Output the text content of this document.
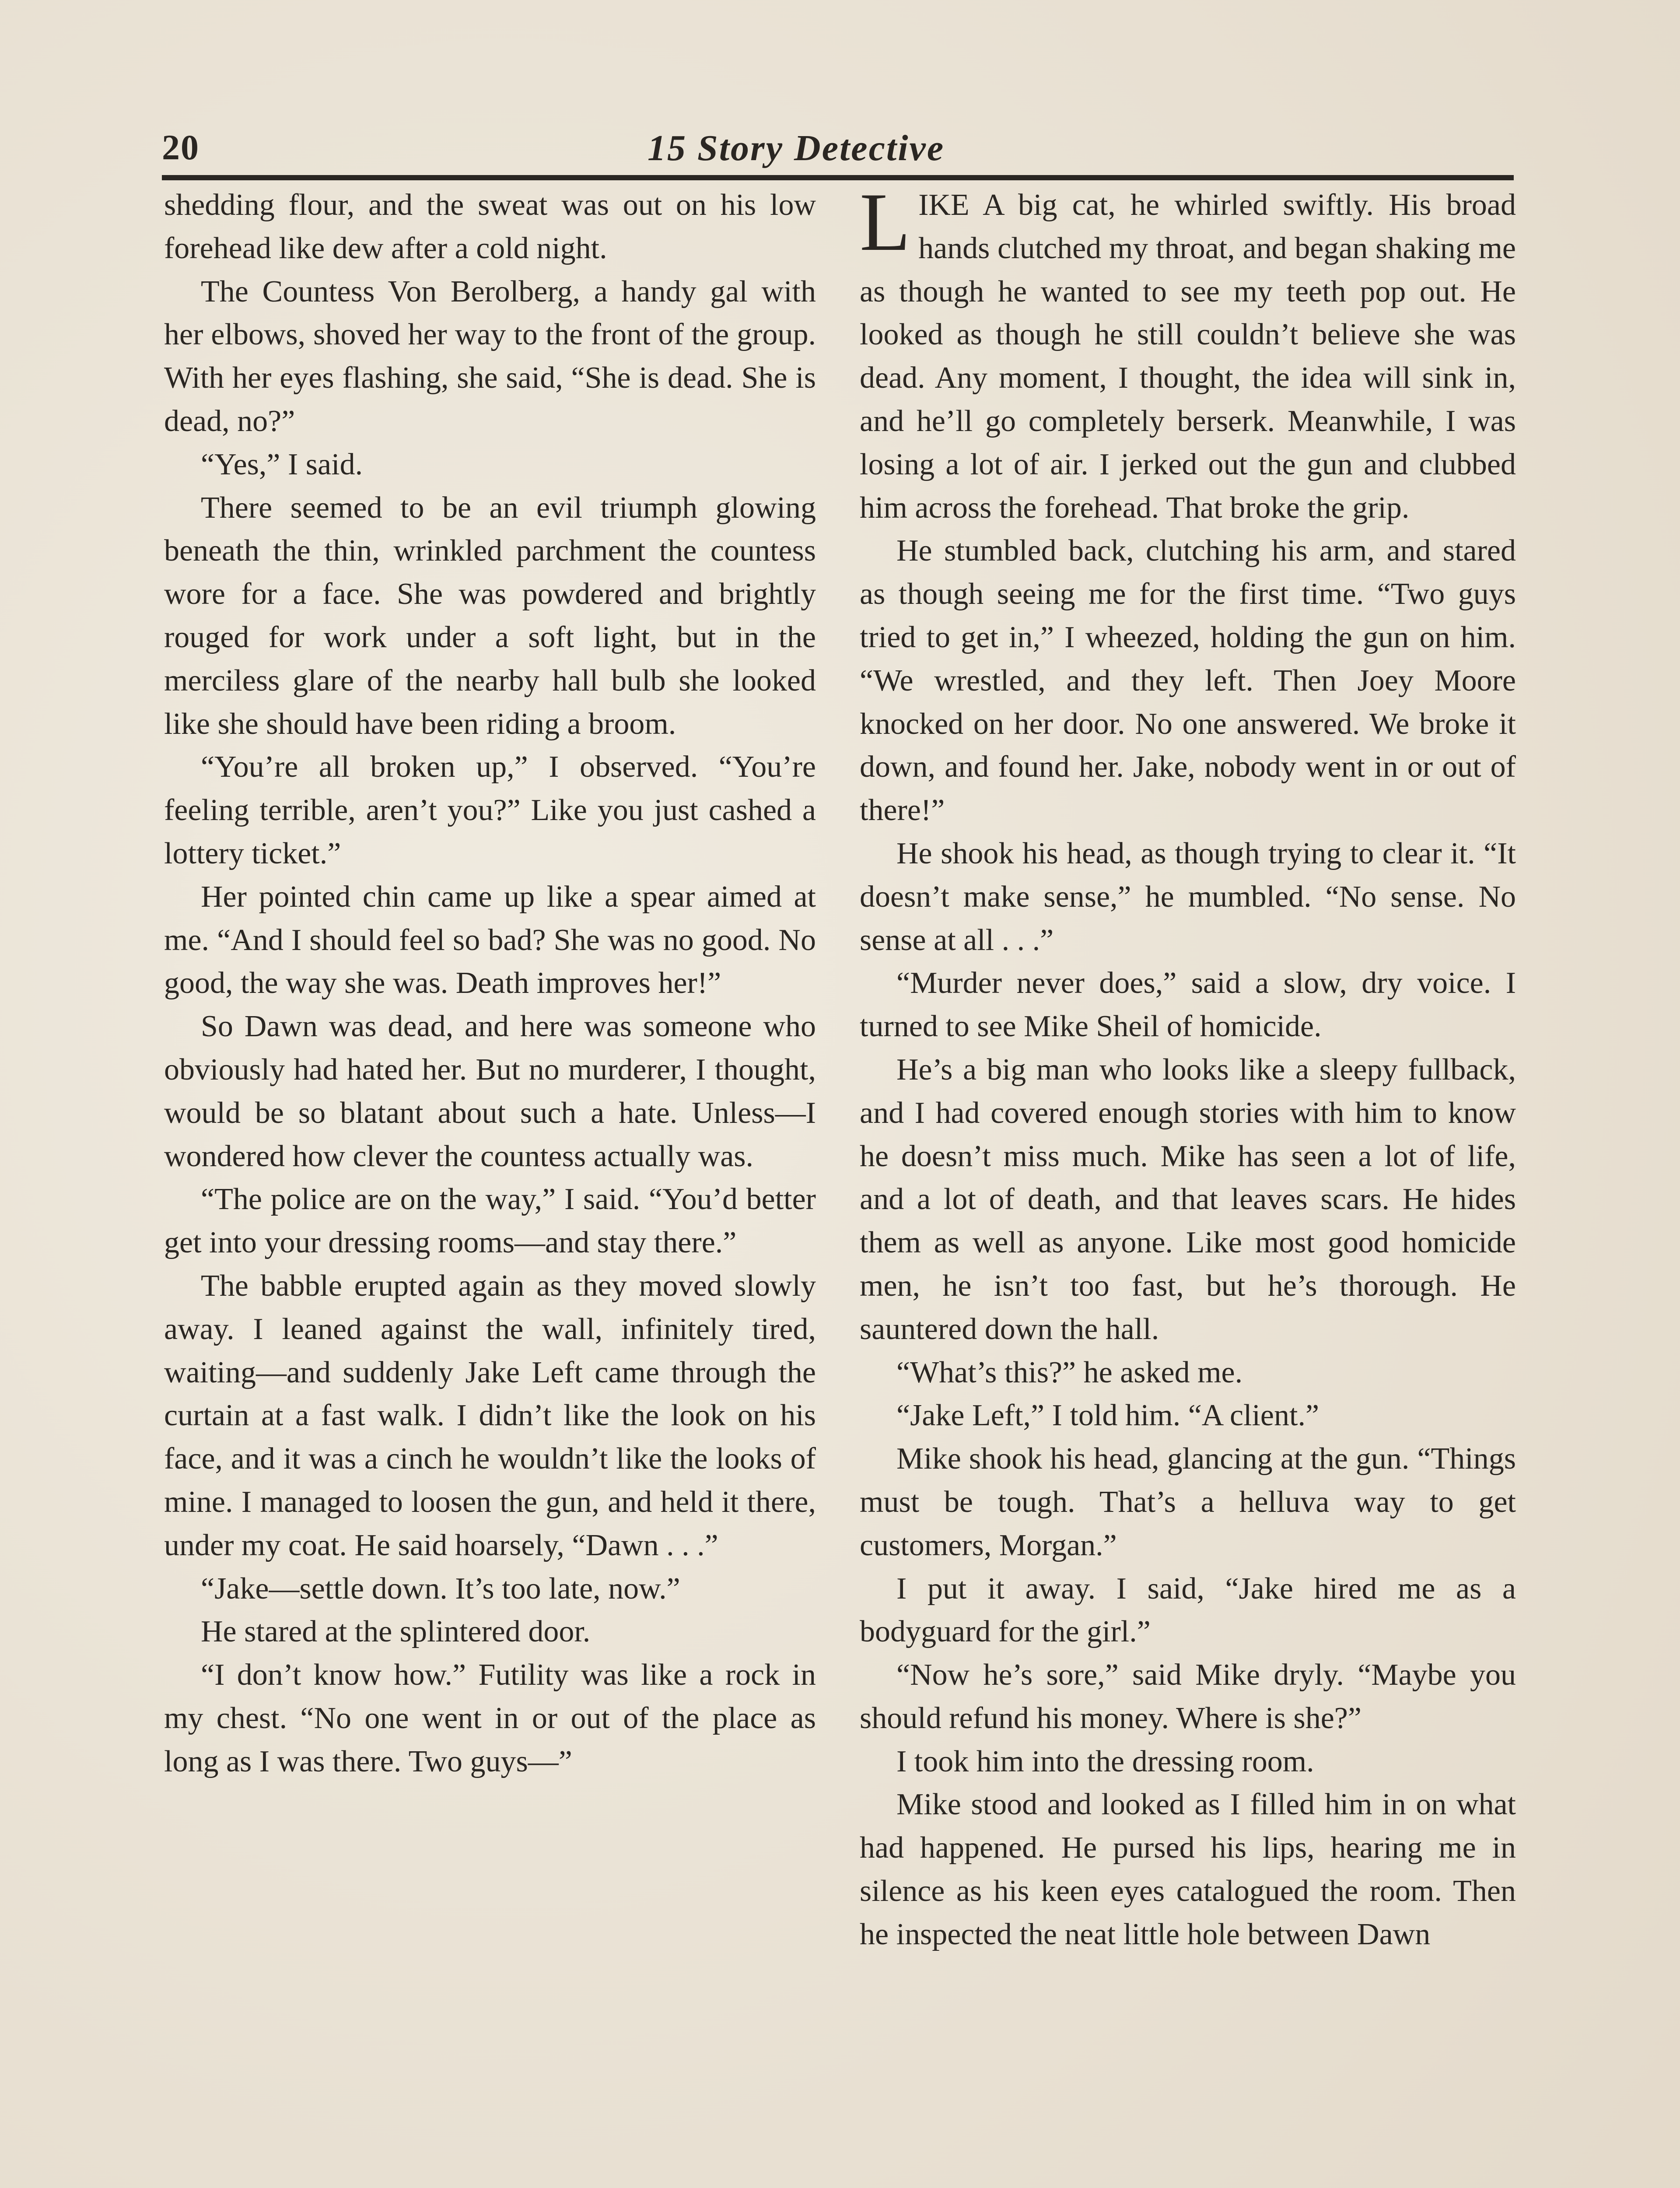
20	15 Story Detective

shedding flour, and the sweat was out on his low forehead like dew after a cold night.

The Countess Von Berolberg, a handy gal with her elbows, shoved her way to the front of the group. With her eyes flashing, she said, “She is dead. She is dead, no?”

“Yes,” I said.

There seemed to be an evil triumph glowing beneath the thin, wrinkled parchment the countess wore for a face. She was powdered and brightly rouged for work under a soft light, but in the merciless glare of the nearby hall bulb she looked like she should have been riding a broom.

“You’re all broken up,” I observed. “You’re feeling terrible, aren’t you?” Like you just cashed a lottery ticket.”

Her pointed chin came up like a spear aimed at me. “And I should feel so bad? She was no good. No good, the way she was. Death improves her!”

So Dawn was dead, and here was someone who obviously had hated her. But no murderer, I thought, would be so blatant about such a hate. Unless—I wondered how clever the countess actually was.

“The police are on the way,” I said. “You’d better get into your dressing rooms—and stay there.”

The babble erupted again as they moved slowly away. I leaned against the wall, infinitely tired, waiting—and suddenly Jake Left came through the curtain at a fast walk. I didn’t like the look on his face, and it was a cinch he wouldn’t like the looks of mine. I managed to loosen the gun, and held it there, under my coat. He said hoarsely, “Dawn . . .”

“Jake—settle down. It’s too late, now.”

He stared at the splintered door.

“I don’t know how.” Futility was like a rock in my chest. “No one went in or out of the place as long as I was there. Two guys—”

LIKE A big cat, he whirled swiftly. His broad hands clutched my throat, and began shaking me as though he wanted to see my teeth pop out. He looked as though he still couldn’t believe she was dead. Any moment, I thought, the idea will sink in, and he’ll go completely berserk. Meanwhile, I was losing a lot of air. I jerked out the gun and clubbed him across the forehead. That broke the grip.

He stumbled back, clutching his arm, and stared as though seeing me for the first time. “Two guys tried to get in,” I wheezed, holding the gun on him. “We wrestled, and they left. Then Joey Moore knocked on her door. No one answered. We broke it down, and found her. Jake, nobody went in or out of there!”

He shook his head, as though trying to clear it. “It doesn’t make sense,” he mumbled. “No sense. No sense at all . . .”

“Murder never does,” said a slow, dry voice. I turned to see Mike Sheil of homicide.

He’s a big man who looks like a sleepy fullback, and I had covered enough stories with him to know he doesn’t miss much. Mike has seen a lot of life, and a lot of death, and that leaves scars. He hides them as well as anyone. Like most good homicide men, he isn’t too fast, but he’s thorough. He sauntered down the hall.

“What’s this?” he asked me.

“Jake Left,” I told him. “A client.”

Mike shook his head, glancing at the gun. “Things must be tough. That’s a helluva way to get customers, Morgan.”

I put it away. I said, “Jake hired me as a bodyguard for the girl.”

“Now he’s sore,” said Mike dryly. “Maybe you should refund his money. Where is she?”

I took him into the dressing room.

Mike stood and looked as I filled him in on what had happened. He pursed his lips, hearing me in silence as his keen eyes catalogued the room. Then he inspected the neat little hole between Dawn
